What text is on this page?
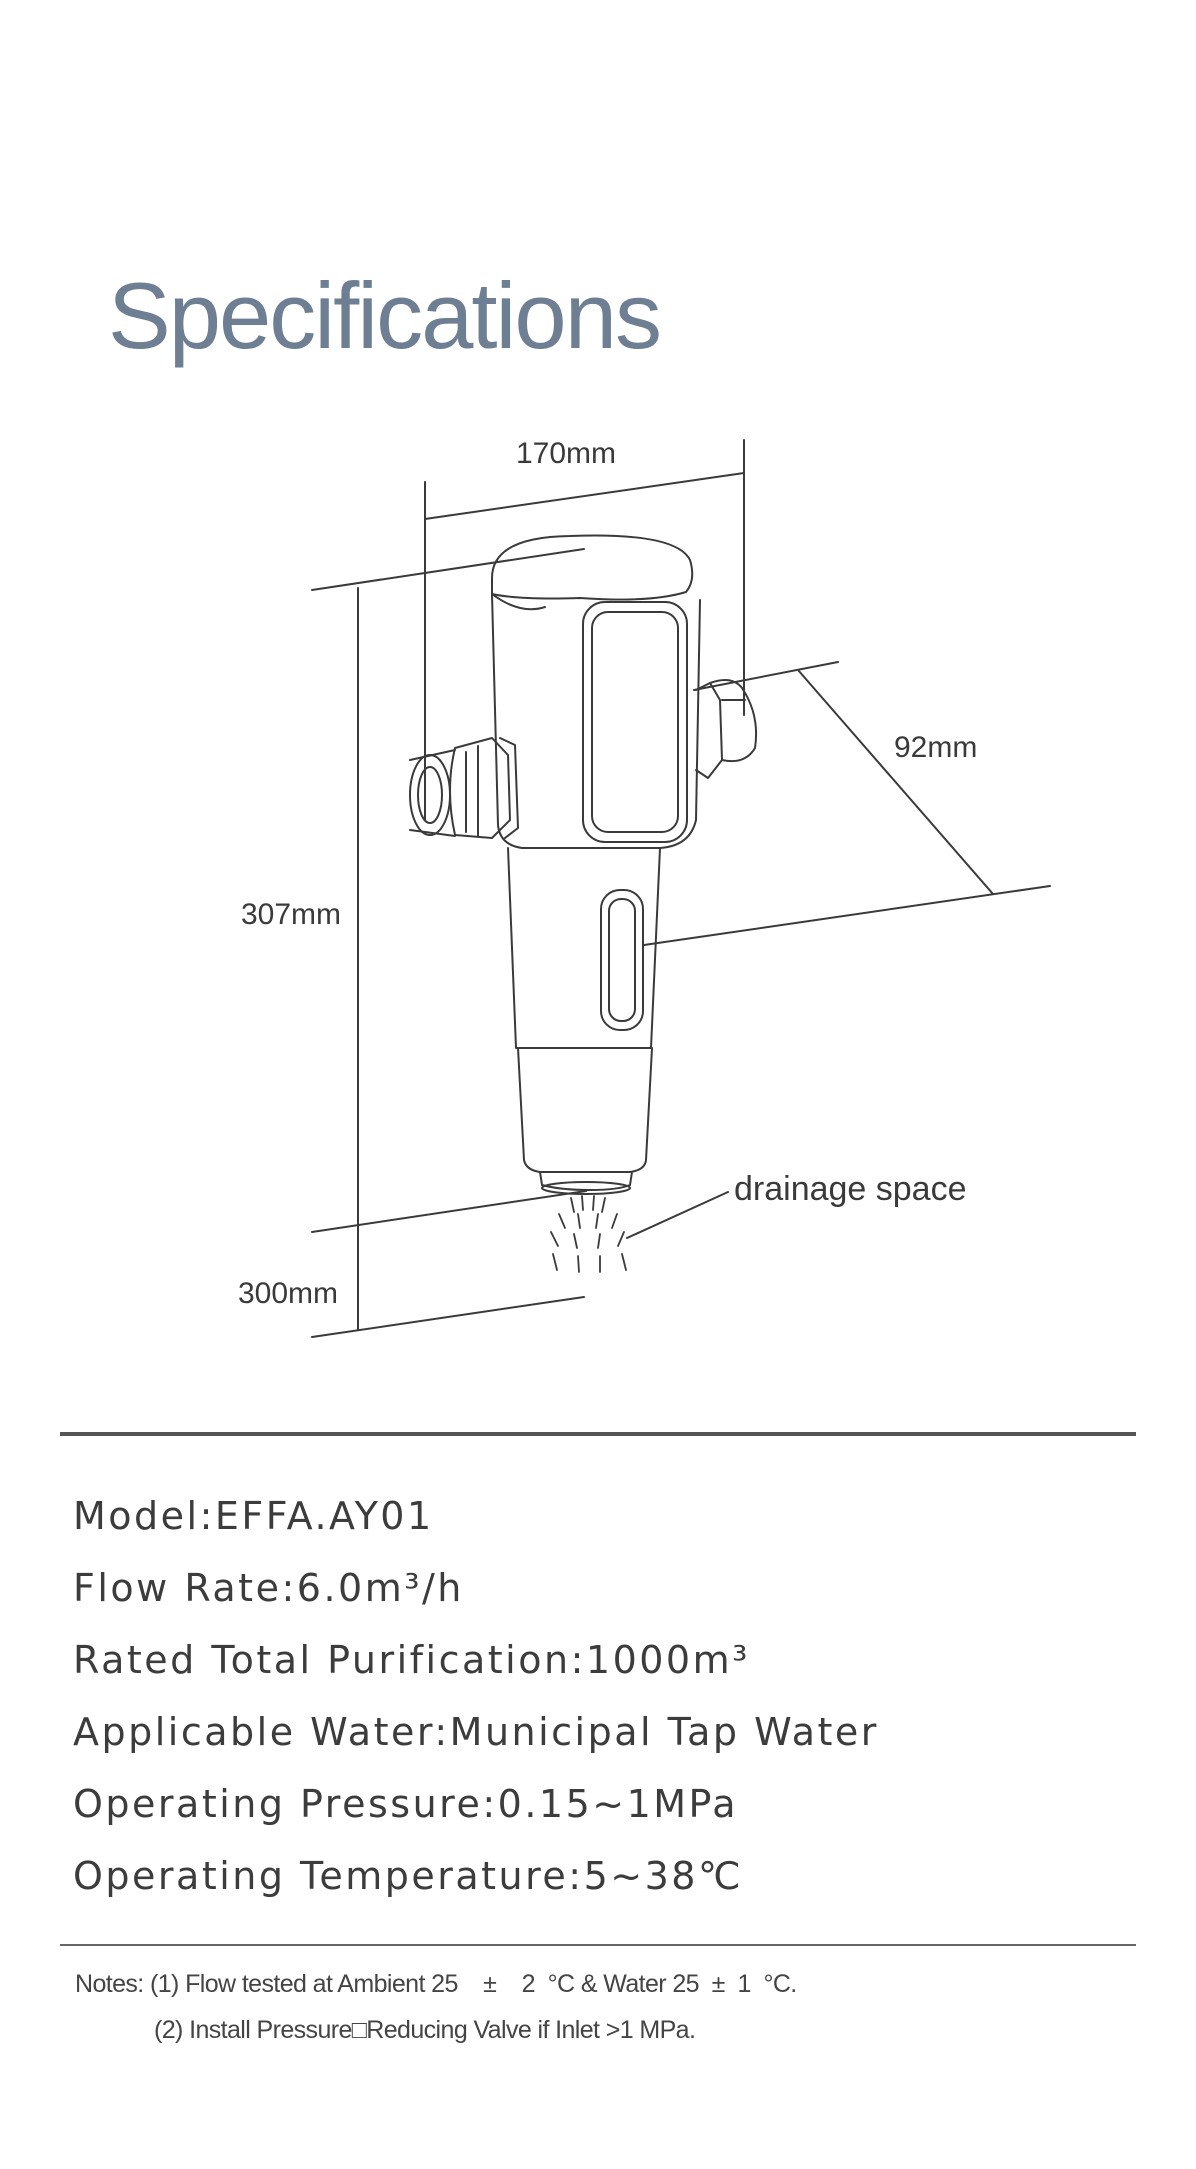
Specifications
170mm
92mm
307mm
300mm
drainage space
Model:EFFA.AY01
Flow Rate:6.0m³/h
Rated Total Purification:1000m³
Applicable Water:Municipal Tap Water
Operating Pressure:0.15~1MPa
Operating Temperature:5~38℃
Notes: (1) Flow tested at Ambient 25    ±    2  °C & Water 25  ±  1  °C.
(2) Install Pressure□Reducing Valve if Inlet >1 MPa.
